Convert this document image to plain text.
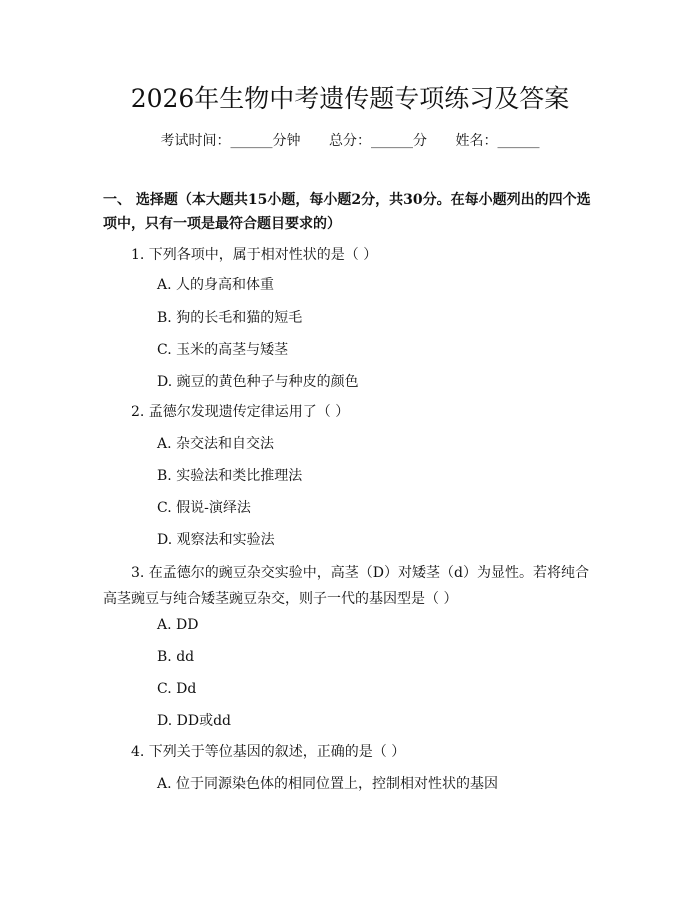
2026年生物中考遗传题专项练习及答案
考试时间：______分钟 总分：______分 姓名：______
一、 选择题（本大题共15小题，每小题2分，共30分。在每小题列出的四个选项中，只有一项是最符合题目要求的）
1. 下列各项中，属于相对性状的是（ ）
A. 人的身高和体重
B. 狗的长毛和猫的短毛
C. 玉米的高茎与矮茎
D. 豌豆的黄色种子与种皮的颜色
2. 孟德尔发现遗传定律运用了（ ）
A. 杂交法和自交法
B. 实验法和类比推理法
C. 假说-演绎法
D. 观察法和实验法
3. 在孟德尔的豌豆杂交实验中，高茎（D）对矮茎（d）为显性。若将纯合高茎豌豆与纯合矮茎豌豆杂交，则子一代的基因型是（ ）
A. DD
B. dd
C. Dd
D. DD或dd
4. 下列关于等位基因的叙述，正确的是（ ）
A. 位于同源染色体的相同位置上，控制相对性状的基因
